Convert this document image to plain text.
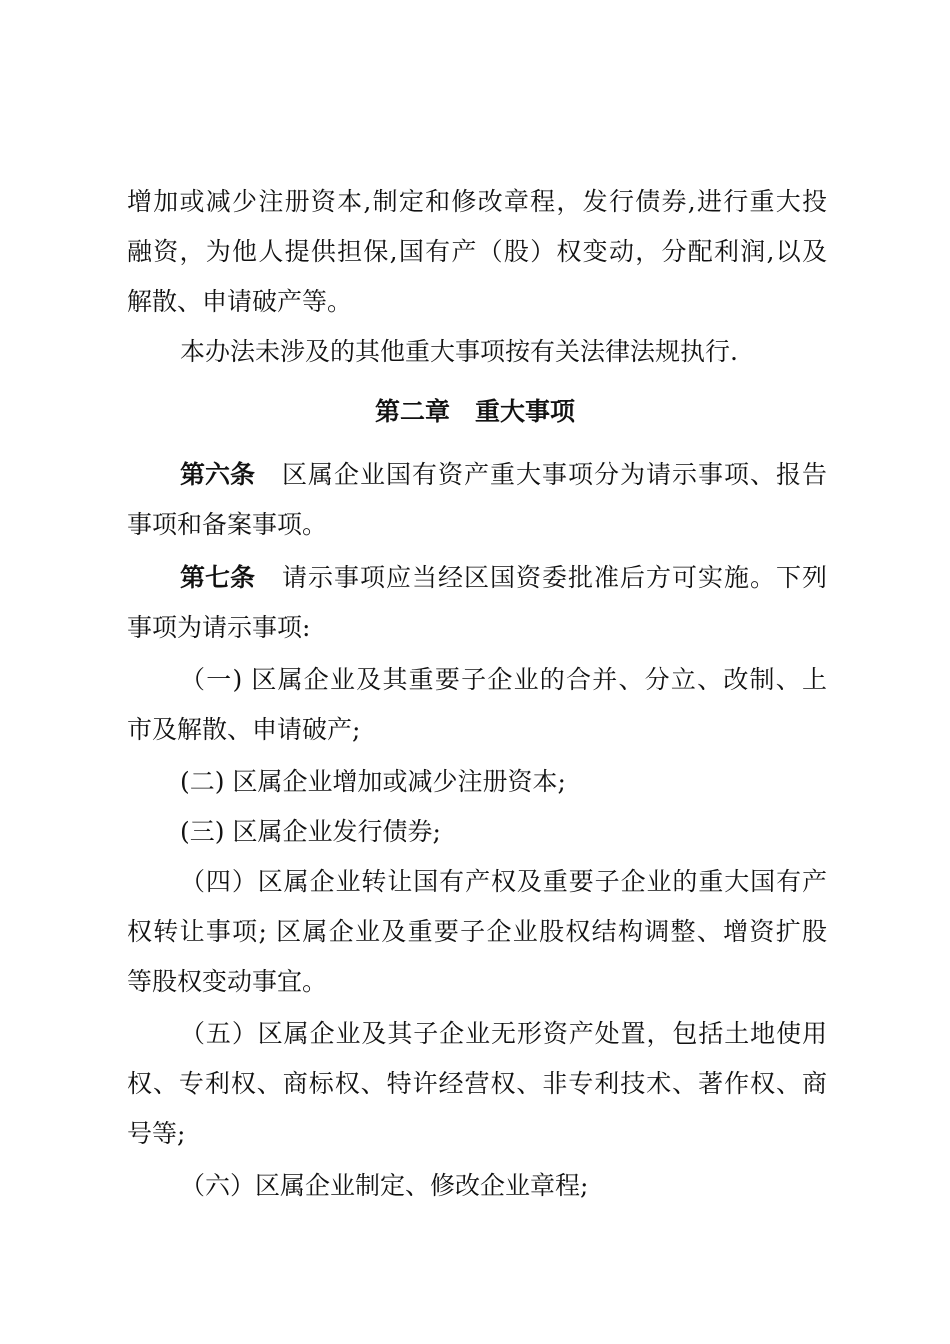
增加或减少注册资本,制定和修改章程，发行债券,进行重大投
融资，为他人提供担保,国有产（股）权变动，分配利润,以及
解散、申请破产等。
本办法未涉及的其他重大事项按有关法律法规执行.
第二章　重大事项
第六条 区属企业国有资产重大事项分为请示事项、报告
事项和备案事项。
第七条 请示事项应当经区国资委批准后方可实施。下列
事项为请示事项:
（一) 区属企业及其重要子企业的合并、分立、改制、上
市及解散、申请破产;
(二) 区属企业增加或减少注册资本;
(三) 区属企业发行债券;
（四）区属企业转让国有产权及重要子企业的重大国有产
权转让事项; 区属企业及重要子企业股权结构调整、增资扩股
等股权变动事宜。
（五）区属企业及其子企业无形资产处置，包括土地使用
权、专利权、商标权、特许经营权、非专利技术、著作权、商
号等;
（六）区属企业制定、修改企业章程;
